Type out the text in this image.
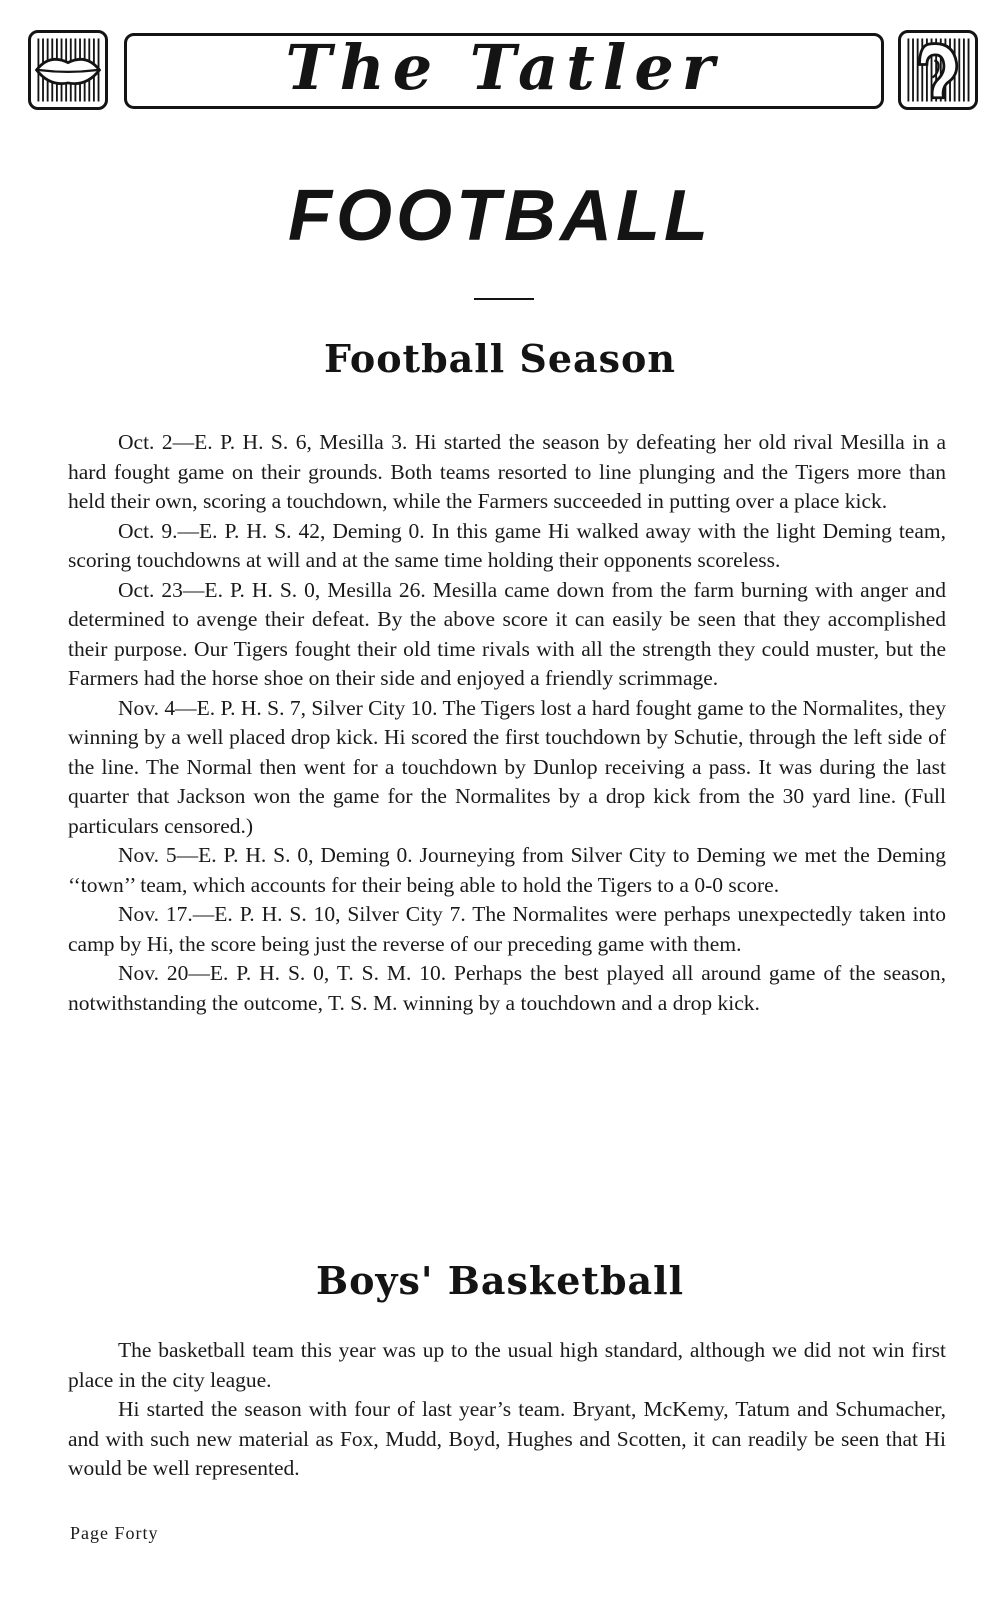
The Tatler
FOOTBALL
Football Season

Oct. 2—E. P. H. S. 6, Mesilla 3. Hi started the season by defeating her old rival Mesilla in a hard fought game on their grounds. Both teams resorted to line plunging and the Tigers more than held their own, scoring a touchdown, while the Farmers succeeded in putting over a place kick.

Oct. 9.—E. P. H. S. 42, Deming 0. In this game Hi walked away with the light Deming team, scoring touchdowns at will and at the same time holding their opponents scoreless.

Oct. 23—E. P. H. S. 0, Mesilla 26. Mesilla came down from the farm burning with anger and determined to avenge their defeat. By the above score it can easily be seen that they accomplished their purpose. Our Tigers fought their old time rivals with all the strength they could muster, but the Farmers had the horse shoe on their side and enjoyed a friendly scrimmage.

Nov. 4—E. P. H. S. 7, Silver City 10. The Tigers lost a hard fought game to the Normalites, they winning by a well placed drop kick. Hi scored the first touchdown by Schutie, through the left side of the line. The Normal then went for a touchdown by Dunlop receiving a pass. It was during the last quarter that Jackson won the game for the Normalites by a drop kick from the 30 yard line. (Full particulars censored.)

Nov. 5—E. P. H. S. 0, Deming 0. Journeying from Silver City to Deming we met the Deming ‘‘town’’ team, which accounts for their being able to hold the Tigers to a 0-0 score.

Nov. 17.—E. P. H. S. 10, Silver City 7. The Normalites were perhaps unexpectedly taken into camp by Hi, the score being just the reverse of our preceding game with them.

Nov. 20—E. P. H. S. 0, T. S. M. 10. Perhaps the best played all around game of the season, notwithstanding the outcome, T. S. M. winning by a touchdown and a drop kick.

Boys' Basketball

The basketball team this year was up to the usual high standard, although we did not win first place in the city league.

Hi started the season with four of last year’s team. Bryant, McKemy, Tatum and Schumacher, and with such new material as Fox, Mudd, Boyd, Hughes and Scotten, it can readily be seen that Hi would be well represented.

Page Forty
